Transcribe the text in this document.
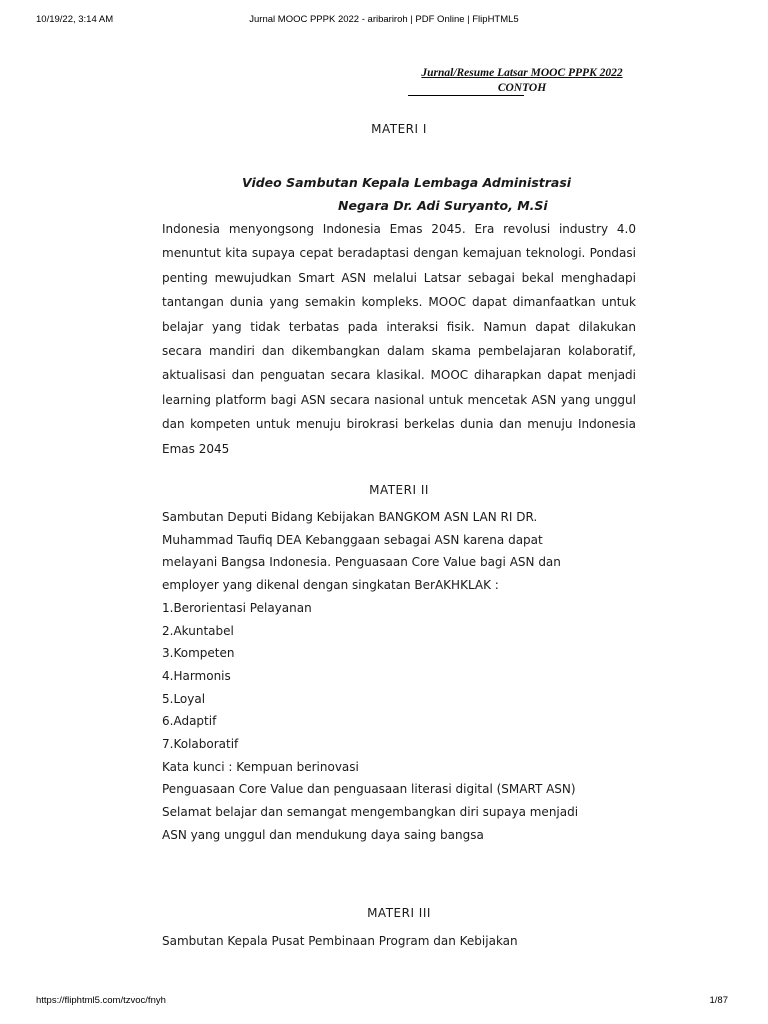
10/19/22, 3:14 AM	Jurnal MOOC PPPK 2022 - aribariroh | PDF Online | FlipHTML5
Jurnal/Resume Latsar MOOC PPPK 2022
CONTOH
MATERI I
Video Sambutan Kepala Lembaga Administrasi
Negara Dr. Adi Suryanto, M.Si

Indonesia menyongsong Indonesia Emas 2045. Era revolusi industry 4.0 menuntut kita supaya cepat beradaptasi dengan kemajuan teknologi. Pondasi penting mewujudkan Smart ASN melalui Latsar sebagai bekal menghadapi tantangan dunia yang semakin kompleks. MOOC dapat dimanfaatkan untuk belajar yang tidak terbatas pada interaksi fisik. Namun dapat dilakukan secara mandiri dan dikembangkan dalam skama pembelajaran kolaboratif, aktualisasi dan penguatan secara klasikal. MOOC diharapkan dapat menjadi learning platform bagi ASN secara nasional untuk mencetak ASN yang unggul dan kompeten untuk menuju birokrasi berkelas dunia dan menuju Indonesia Emas 2045

MATERI II
Sambutan Deputi Bidang Kebijakan BANGKOM ASN LAN RI DR.
Muhammad Taufiq DEA Kebanggaan sebagai ASN karena dapat
melayani Bangsa Indonesia. Penguasaan Core Value bagi ASN dan
employer yang dikenal dengan singkatan BerAKHKLAK :
1.Berorientasi Pelayanan
2.Akuntabel
3.Kompeten
4.Harmonis
5.Loyal
6.Adaptif
7.Kolaboratif
Kata kunci : Kempuan berinovasi
Penguasaan Core Value dan penguasaan literasi digital (SMART ASN)
Selamat belajar dan semangat mengembangkan diri supaya menjadi
ASN yang unggul dan mendukung daya saing bangsa
MATERI III
Sambutan Kepala Pusat Pembinaan Program dan Kebijakan
https://fliphtml5.com/tzvoc/fnyh	1/87
